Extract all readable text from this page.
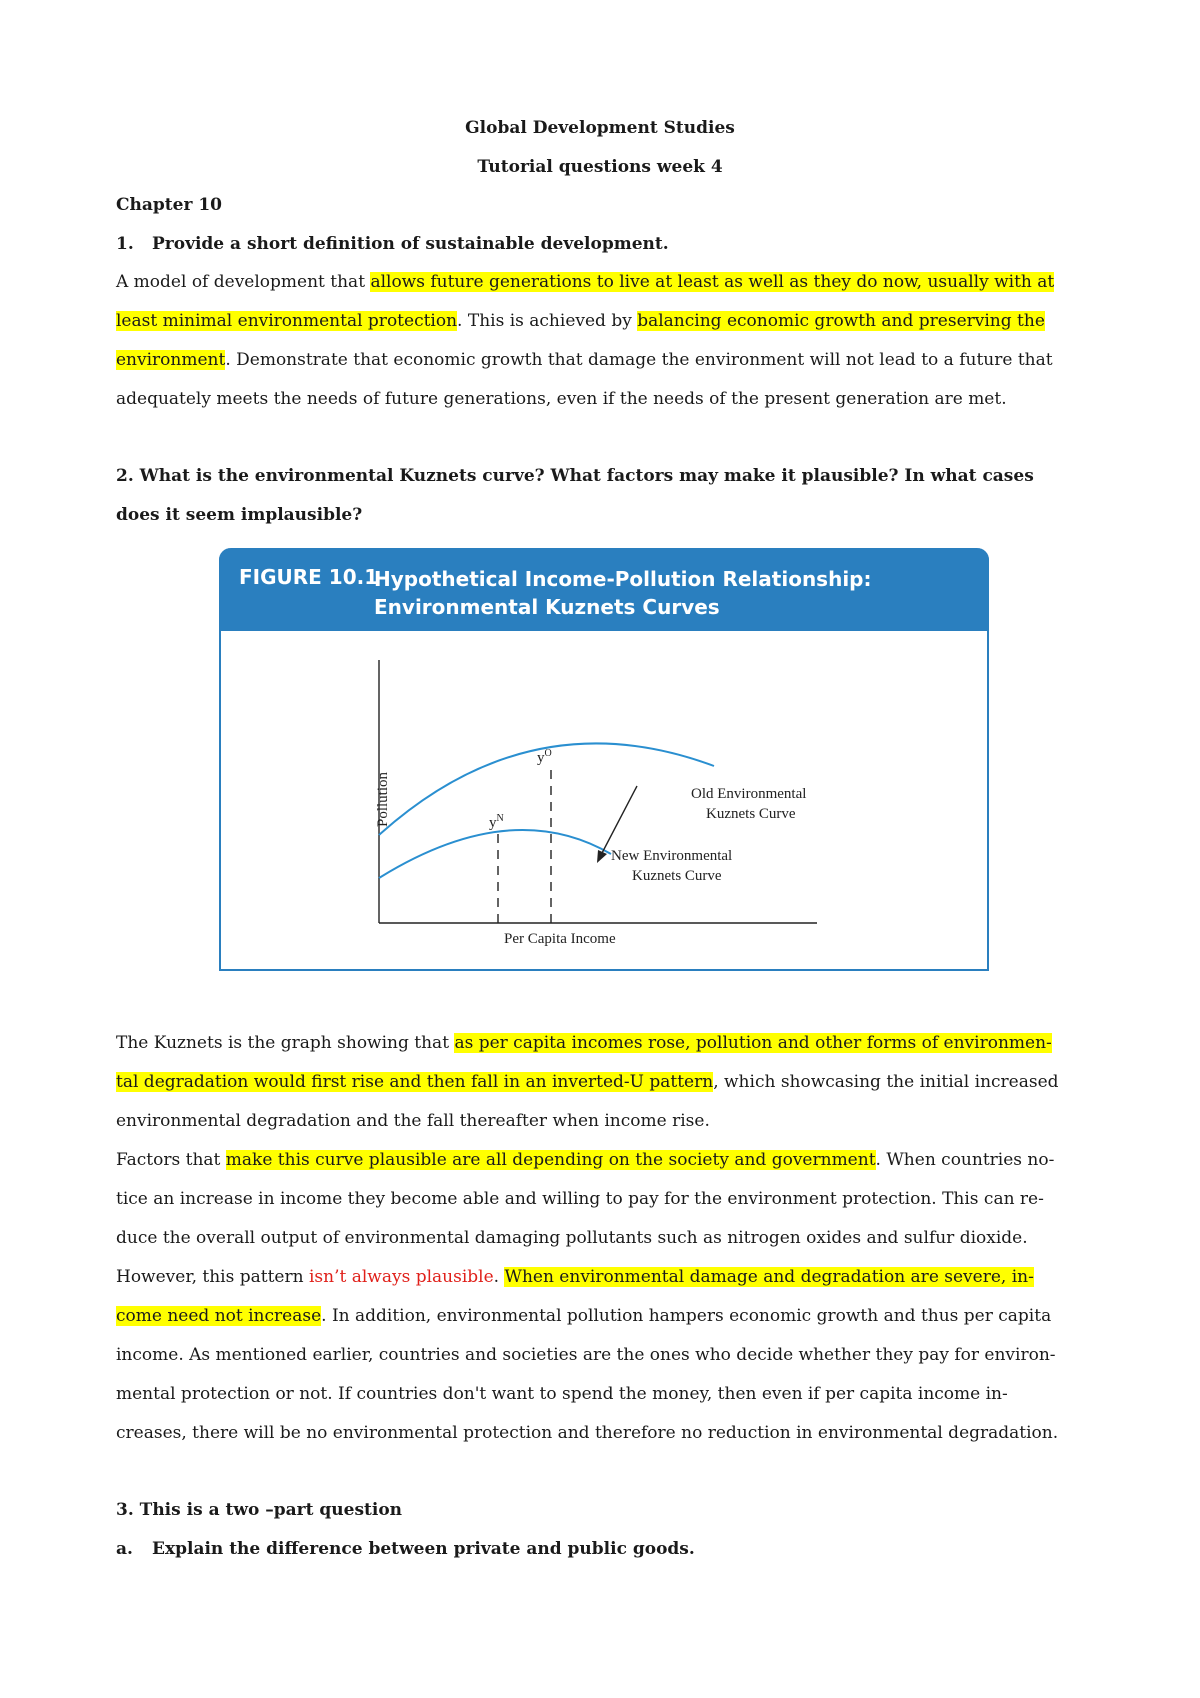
Global Development Studies
Tutorial questions week 4
Chapter 10
1. Provide a short definition of sustainable development.
A model of development that allows future generations to live at least as well as they do now, usually with at
least minimal environmental protection. This is achieved by balancing economic growth and preserving the
environment. Demonstrate that economic growth that damage the environment will not lead to a future that
adequately meets the needs of future generations, even if the needs of the present generation are met.
2. What is the environmental Kuznets curve? What factors may make it plausible? In what cases
does it seem implausible?
FIGURE 10.1
Hypothetical Income-Pollution Relationship: Environmental Kuznets Curves
Pollution
Per Capita Income
$y^O$
$y^N$
Old Environmental
Kuznets Curve
New Environmental
Kuznets Curve
The Kuznets is the graph showing that as per capita incomes rose, pollution and other forms of environmen-
tal degradation would first rise and then fall in an inverted-U pattern, which showcasing the initial increased
environmental degradation and the fall thereafter when income rise.
Factors that make this curve plausible are all depending on the society and government. When countries no-
tice an increase in income they become able and willing to pay for the environment protection. This can re-
duce the overall output of environmental damaging pollutants such as nitrogen oxides and sulfur dioxide.
However, this pattern isn’t always plausible. When environmental damage and degradation are severe, in-
come need not increase. In addition, environmental pollution hampers economic growth and thus per capita
income. As mentioned earlier, countries and societies are the ones who decide whether they pay for environ-
mental protection or not. If countries don't want to spend the money, then even if per capita income in-
creases, there will be no environmental protection and therefore no reduction in environmental degradation.
3. This is a two –part question
a. Explain the difference between private and public goods.
